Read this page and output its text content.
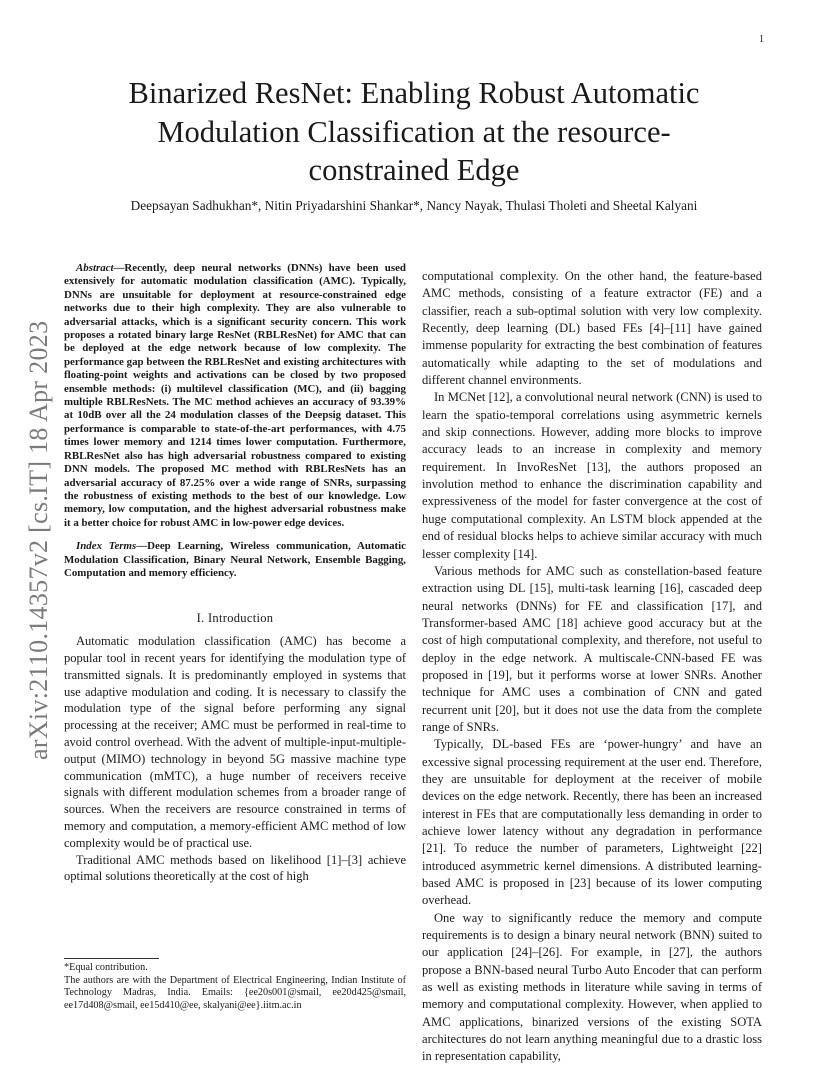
1
arXiv:2110.14357v2 [cs.IT] 18 Apr 2023
Binarized ResNet: Enabling Robust Automatic Modulation Classification at the resource-constrained Edge
Deepsayan Sadhukhan*, Nitin Priyadarshini Shankar*, Nancy Nayak, Thulasi Tholeti and Sheetal Kalyani

Abstract—Recently, deep neural networks (DNNs) have been used extensively for automatic modulation classification (AMC). Typically, DNNs are unsuitable for deployment at resource-constrained edge networks due to their high complexity. They are also vulnerable to adversarial attacks, which is a significant security concern. This work proposes a rotated binary large ResNet (RBLResNet) for AMC that can be deployed at the edge network because of low complexity. The performance gap between the RBLResNet and existing architectures with floating-point weights and activations can be closed by two proposed ensemble methods: (i) multilevel classification (MC), and (ii) bagging multiple RBLResNets. The MC method achieves an accuracy of 93.39% at 10dB over all the 24 modulation classes of the Deepsig dataset. This performance is comparable to state-of-the-art performances, with 4.75 times lower memory and 1214 times lower computation. Furthermore, RBLResNet also has high adversarial robustness compared to existing DNN models. The proposed MC method with RBLResNets has an adversarial accuracy of 87.25% over a wide range of SNRs, surpassing the robustness of existing methods to the best of our knowledge. Low memory, low computation, and the highest adversarial robustness make it a better choice for robust AMC in low-power edge devices.

Index Terms—Deep Learning, Wireless communication, Automatic Modulation Classification, Binary Neural Network, Ensemble Bagging, Computation and memory efficiency.

I. Introduction

Automatic modulation classification (AMC) has become a popular tool in recent years for identifying the modulation type of transmitted signals. It is predominantly employed in systems that use adaptive modulation and coding. It is necessary to classify the modulation type of the signal before performing any signal processing at the receiver; AMC must be performed in real-time to avoid control overhead. With the advent of multiple-input-multiple-output (MIMO) technology in beyond 5G massive machine type communication (mMTC), a huge number of receivers receive signals with different modulation schemes from a broader range of sources. When the receivers are resource constrained in terms of memory and computation, a memory-efficient AMC method of low complexity would be of practical use.

Traditional AMC methods based on likelihood [1]–[3] achieve optimal solutions theoretically at the cost of high

computational complexity. On the other hand, the feature-based AMC methods, consisting of a feature extractor (FE) and a classifier, reach a sub-optimal solution with very low complexity. Recently, deep learning (DL) based FEs [4]–[11] have gained immense popularity for extracting the best combination of features automatically while adapting to the set of modulations and different channel environments.

In MCNet [12], a convolutional neural network (CNN) is used to learn the spatio-temporal correlations using asymmetric kernels and skip connections. However, adding more blocks to improve accuracy leads to an increase in complexity and memory requirement. In InvoResNet [13], the authors proposed an involution method to enhance the discrimination capability and expressiveness of the model for faster convergence at the cost of huge computational complexity. An LSTM block appended at the end of residual blocks helps to achieve similar accuracy with much lesser complexity [14].

Various methods for AMC such as constellation-based feature extraction using DL [15], multi-task learning [16], cascaded deep neural networks (DNNs) for FE and classification [17], and Transformer-based AMC [18] achieve good accuracy but at the cost of high computational complexity, and therefore, not useful to deploy in the edge network. A multiscale-CNN-based FE was proposed in [19], but it performs worse at lower SNRs. Another technique for AMC uses a combination of CNN and gated recurrent unit [20], but it does not use the data from the complete range of SNRs.

Typically, DL-based FEs are ‘power-hungry’ and have an excessive signal processing requirement at the user end. Therefore, they are unsuitable for deployment at the receiver of mobile devices on the edge network. Recently, there has been an increased interest in FEs that are computationally less demanding in order to achieve lower latency without any degradation in performance [21]. To reduce the number of parameters, Lightweight [22] introduced asymmetric kernel dimensions. A distributed learning-based AMC is proposed in [23] because of its lower computing overhead.

One way to significantly reduce the memory and compute requirements is to design a binary neural network (BNN) suited to our application [24]–[26]. For example, in [27], the authors propose a BNN-based neural Turbo Auto Encoder that can perform as well as existing methods in literature while saving in terms of memory and computational complexity. However, when applied to AMC applications, binarized versions of the existing SOTA architectures do not learn anything meaningful due to a drastic loss in representation capability,

*Equal contribution.

The authors are with the Department of Electrical Engineering, Indian Institute of Technology Madras, India. Emails: {ee20s001@smail, ee20d425@smail, ee17d408@smail, ee15d410@ee, skalyani@ee}.iitm.ac.in
